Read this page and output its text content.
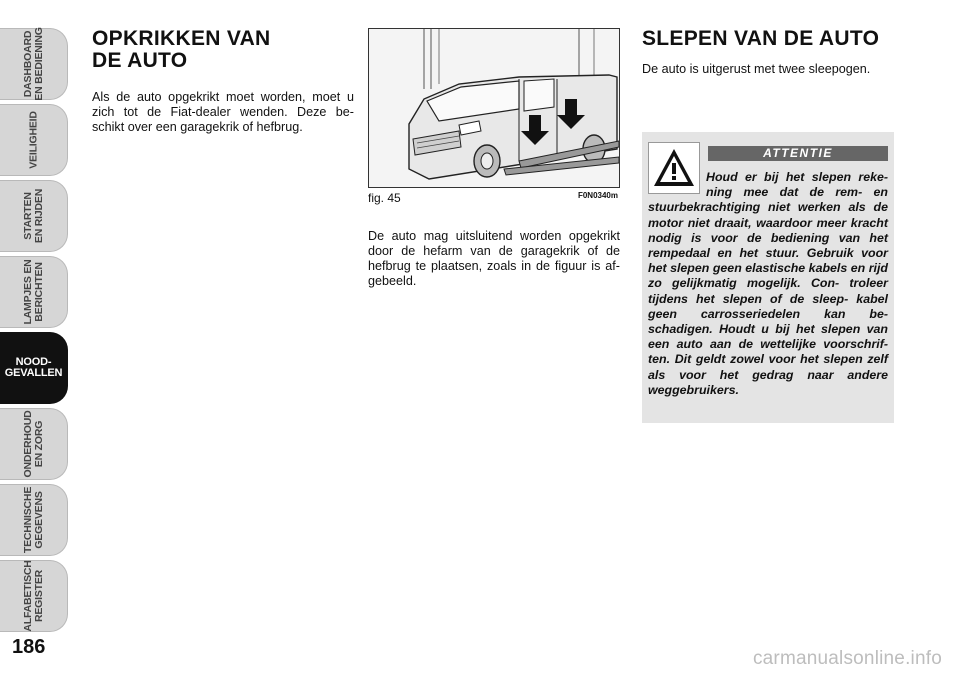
DASHBOARD
EN BEDIENING
VEILIGHEID
STARTEN
EN RIJDEN
LAMPJES EN
BERICHTEN
NOOD-
GEVALLEN
ONDERHOUD
EN ZORG
TECHNISCHE
GEGEVENS
ALFABETISCH
REGISTER
186
OPKRIKKEN VAN
DE AUTO

Als de auto opgekrikt moet worden, moet u zich tot de Fiat-dealer wenden. Deze be- schikt over een garagekrik of hefbrug.

fig. 45	F0N0340m

De auto mag uitsluitend worden opgekrikt door de hefarm van de garagekrik of de hefbrug te plaatsen, zoals in de figuur is af- gebeeld.

SLEPEN VAN DE AUTO

De auto is uitgerust met twee sleepogen.

ATTENTIE
Houd er bij het slepen reke- ning mee dat de rem- en stuurbekrachtiging niet werken als de motor niet draait, waardoor meer kracht nodig is voor de bediening van het rempedaal en het stuur. Gebruik voor het slepen geen elastische kabels en rijd zo gelijkmatig mogelijk. Con- troleer tijdens het slepen of de sleep- kabel geen carrosseriedelen kan be- schadigen. Houdt u bij het slepen van een auto aan de wettelijke voorschrif- ten. Dit geldt zowel voor het slepen zelf als voor het gedrag naar andere weggebruikers.
carmanualsonline.info
